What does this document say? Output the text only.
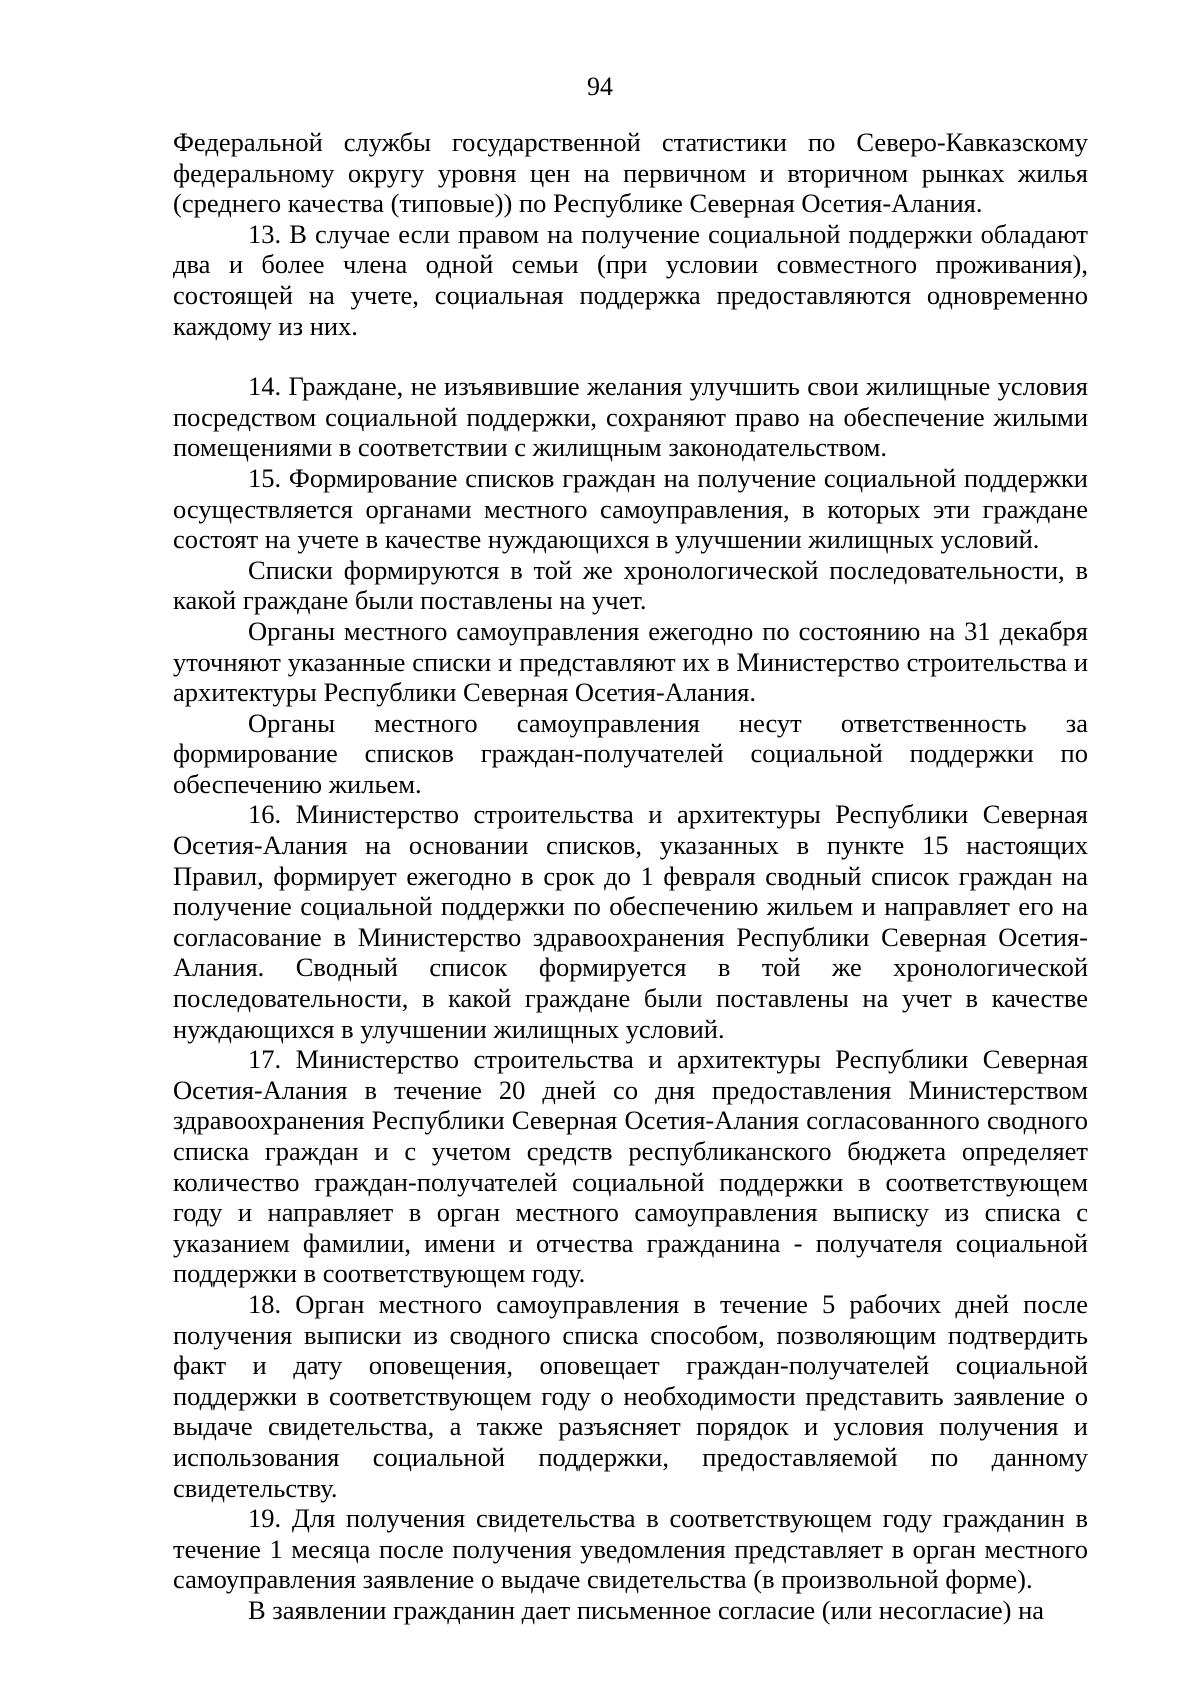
94

Федеральной службы государственной статистики по Северо-Кавказскому федеральному округу уровня цен на первичном и вторичном рынках жилья (среднего качества (типовые)) по Республике Северная Осетия-Алания.

13. В случае если правом на получение социальной поддержки обладают два и более члена одной семьи (при условии совместного проживания), состоящей на учете, социальная поддержка предоставляются одновременно каждому из них.

14. Граждане, не изъявившие желания улучшить свои жилищные условия посредством социальной поддержки, сохраняют право на обеспечение жилыми помещениями в соответствии с жилищным законодательством.

15. Формирование списков граждан на получение социальной поддержки осуществляется органами местного самоуправления, в которых эти граждане состоят на учете в качестве нуждающихся в улучшении жилищных условий.

Списки формируются в той же хронологической последовательности, в какой граждане были поставлены на учет.

Органы местного самоуправления ежегодно по состоянию на 31 декабря уточняют указанные списки и представляют их в Министерство строительства и архитектуры Республики Северная Осетия-Алания.

Органы местного самоуправления несут ответственность за формирование списков граждан-получателей социальной поддержки по обеспечению жильем.

16. Министерство строительства и архитектуры Республики Северная Осетия-Алания на основании списков, указанных в пункте 15 настоящих Правил, формирует ежегодно в срок до 1 февраля сводный список граждан на получение социальной поддержки по обеспечению жильем и направляет его на согласование в Министерство здравоохранения Республики Северная Осетия-Алания. Сводный список формируется в той же хронологической последовательности, в какой граждане были поставлены на учет в качестве нуждающихся в улучшении жилищных условий.

17. Министерство строительства и архитектуры Республики Северная Осетия-Алания в течение 20 дней со дня предоставления Министерством здравоохранения Республики Северная Осетия-Алания согласованного сводного списка граждан и с учетом средств республиканского бюджета определяет количество граждан-получателей социальной поддержки в соответствующем году и направляет в орган местного самоуправления выписку из списка с указанием фамилии, имени и отчества гражданина - получателя социальной поддержки в соответствующем году.

18. Орган местного самоуправления в течение 5 рабочих дней после получения выписки из сводного списка способом, позволяющим подтвердить факт и дату оповещения, оповещает граждан-получателей социальной поддержки в соответствующем году о необходимости представить заявление о выдаче свидетельства, а также разъясняет порядок и условия получения и использования социальной поддержки, предоставляемой по данному свидетельству.

19. Для получения свидетельства в соответствующем году гражданин в течение 1 месяца после получения уведомления представляет в орган местного самоуправления заявление о выдаче свидетельства (в произвольной форме).

В заявлении гражданин дает письменное согласие (или несогласие) на
